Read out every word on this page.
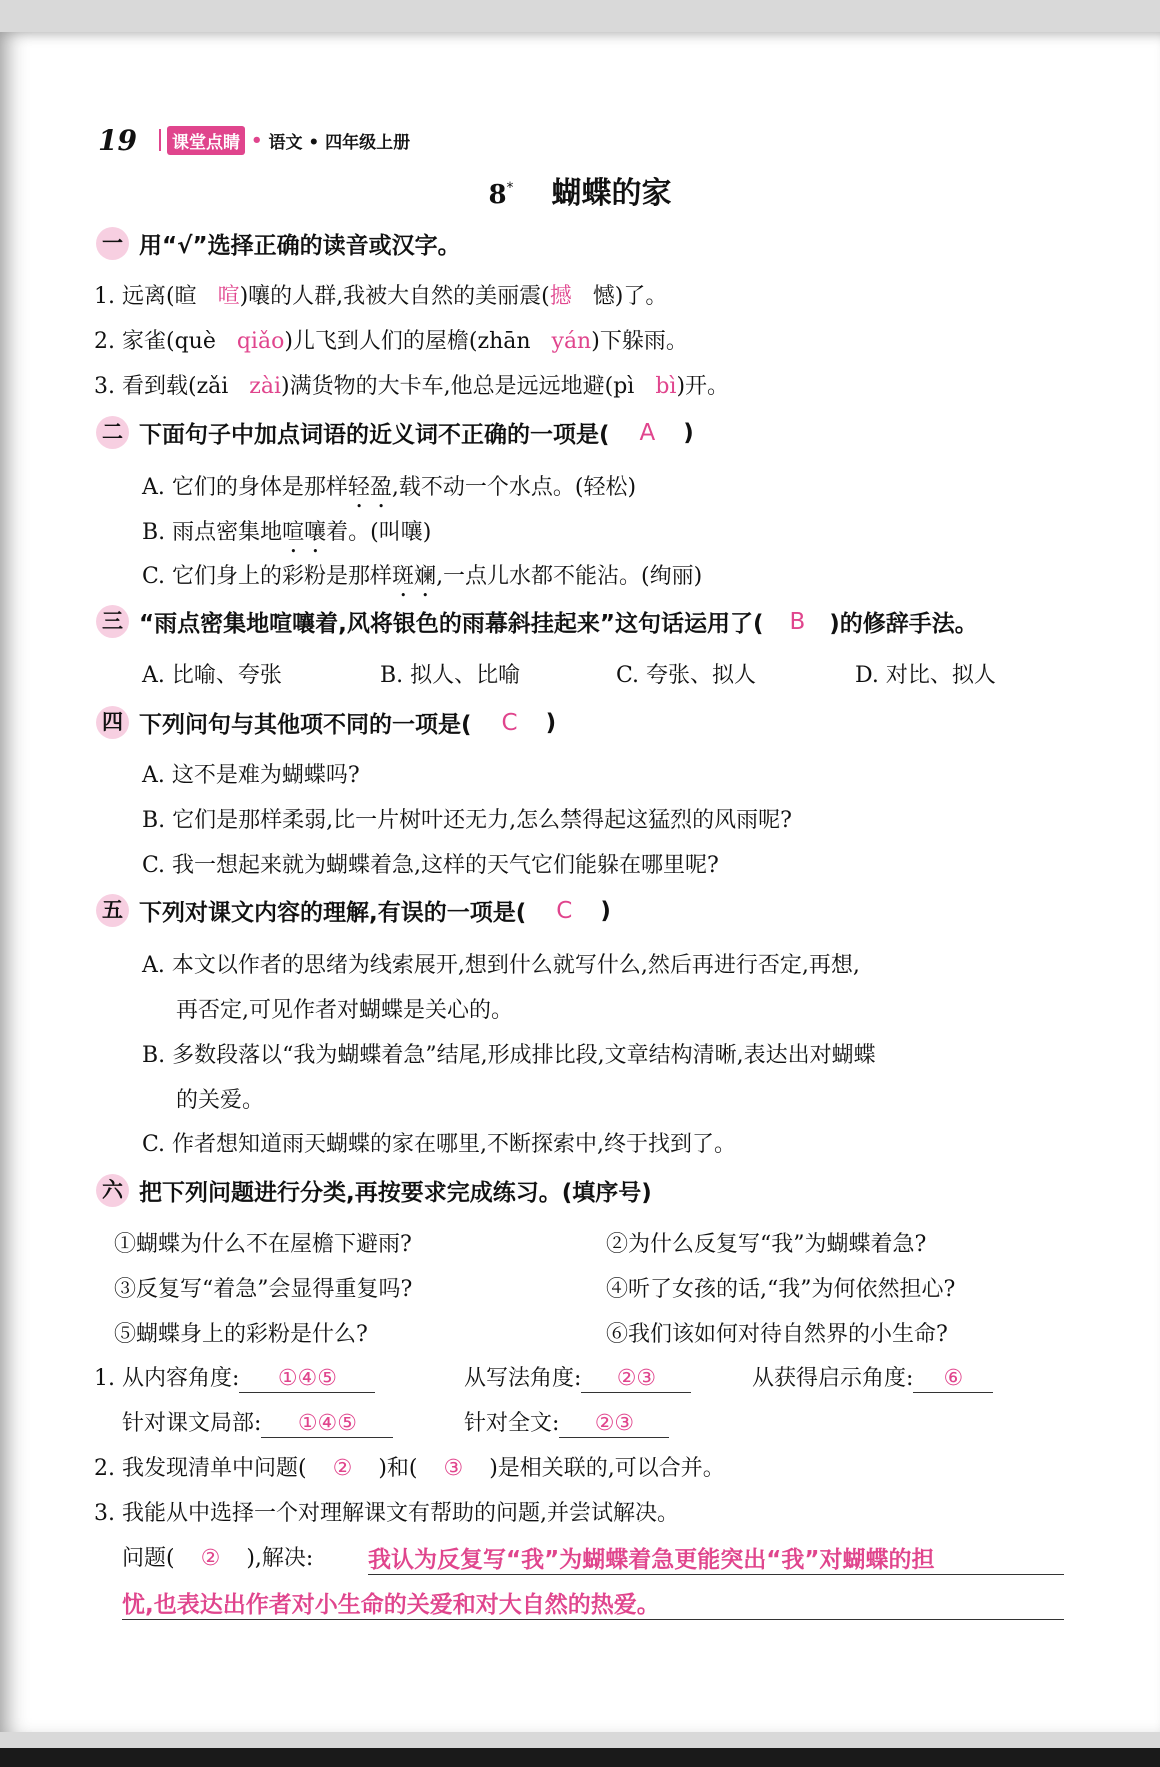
19 课堂点睛 • 语文 • 四年级上册
8* 蝴蝶的家
一 用“√”选择正确的读音或汉字。
1. 远离(暄 喧)嚷的人群,我被大自然的美丽震(撼 憾)了。
2. 家雀(què qiǎo)儿飞到人们的屋檐(zhān yán)下躲雨。
3. 看到载(zǎi zài)满货物的大卡车,他总是远远地避(pì bì)开。
二 下面句子中加点词语的近义词不正确的一项是( A )
A. 它们的身体是那样轻盈,载不动一个水点。(轻松)
B. 雨点密集地喧嚷着。(叫嚷)
C. 它们身上的彩粉是那样斑斓,一点儿水都不能沾。(绚丽)
三 “雨点密集地喧嚷着,风将银色的雨幕斜挂起来”这句话运用了( B )的修辞手法。
A. 比喻、夸张	B. 拟人、比喻	C. 夸张、拟人	D. 对比、拟人
四 下列问句与其他项不同的一项是( C )
A. 这不是难为蝴蝶吗?
B. 它们是那样柔弱,比一片树叶还无力,怎么禁得起这猛烈的风雨呢?
C. 我一想起来就为蝴蝶着急,这样的天气它们能躲在哪里呢?
五 下列对课文内容的理解,有误的一项是( C )
A. 本文以作者的思绪为线索展开,想到什么就写什么,然后再进行否定,再想,
再否定,可见作者对蝴蝶是关心的。
B. 多数段落以“我为蝴蝶着急”结尾,形成排比段,文章结构清晰,表达出对蝴蝶
的关爱。
C. 作者想知道雨天蝴蝶的家在哪里,不断探索中,终于找到了。
六 把下列问题进行分类,再按要求完成练习。(填序号)
①蝴蝶为什么不在屋檐下避雨?	②为什么反复写“我”为蝴蝶着急?
③反复写“着急”会显得重复吗?	④听了女孩的话,“我”为何依然担心?
⑤蝴蝶身上的彩粉是什么?	⑥我们该如何对待自然界的小生命?
1. 从内容角度: ①④⑤	从写法角度: ②③	从获得启示角度: ⑥
针对课文局部: ①④⑤	针对全文: ②③
2. 我发现清单中问题( ② )和( ③ )是相关联的,可以合并。
3. 我能从中选择一个对理解课文有帮助的问题,并尝试解决。
问题( ② ),解决: 我认为反复写“我”为蝴蝶着急更能突出“我”对蝴蝶的担
忧,也表达出作者对小生命的关爱和对大自然的热爱。
